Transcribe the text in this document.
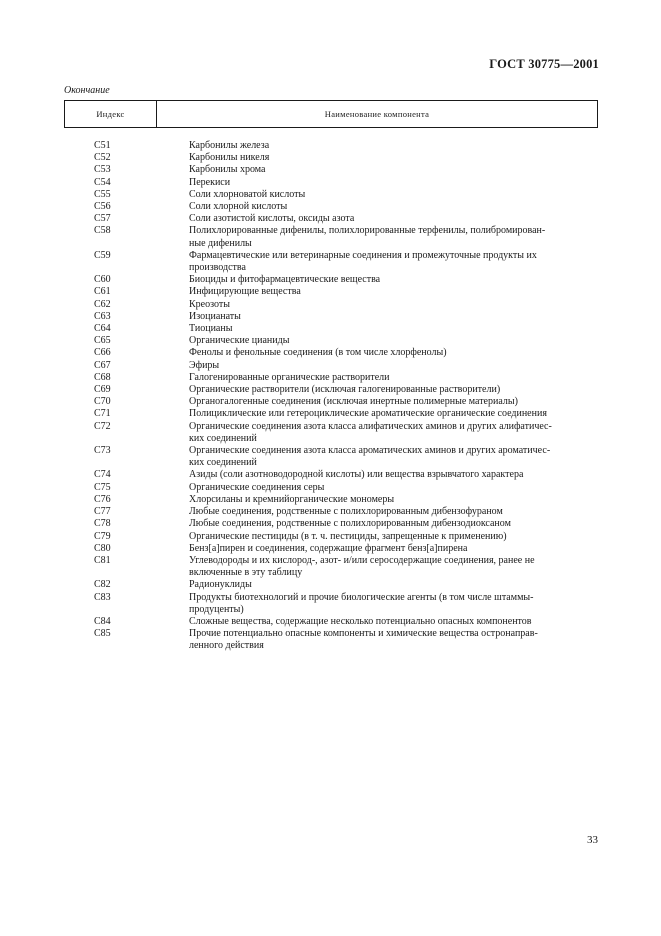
ГОСТ 30775—2001
Окончание
Индекс	Наименование компонента
C51	Карбонилы железа
C52	Карбонилы никеля
C53	Карбонилы хрома
C54	Перекиси
C55	Соли хлорноватой кислоты
C56	Соли хлорной кислоты
C57	Соли азотистой кислоты, оксиды азота
C58	Полихлорированные дифенилы, полихлорированные терфенилы, полибромирован-
ные дифенилы
C59	Фармацевтические или ветеринарные соединения и промежуточные продукты их
производства
C60	Биоциды и фитофармацевтические вещества
C61	Инфицирующие вещества
C62	Креозоты
C63	Изоцианаты
C64	Тиоцианы
C65	Органические цианиды
C66	Фенолы и фенольные соединения (в том числе хлорфенолы)
C67	Эфиры
C68	Галогенированные органические растворители
C69	Органические растворители (исключая галогенированные растворители)
C70	Органогалогенные соединения (исключая инертные полимерные материалы)
C71	Полициклические или гетероциклические ароматические органические соединения
C72	Органические соединения азота класса алифатических аминов и других алифатичес-
ких соединений
C73	Органические соединения азота класса ароматических аминов и других ароматичес-
ких соединений
C74	Азиды (соли азотноводородной кислоты) или вещества взрывчатого характера
C75	Органические соединения серы
C76	Хлорсиланы и кремнийорганические мономеры
C77	Любые соединения, родственные с полихлорированным дибензофураном
C78	Любые соединения, родственные с полихлорированным дибензодиоксаном
C79	Органические пестициды (в т. ч. пестициды, запрещенные к применению)
C80	Бенз[а]пирен и соединения, содержащие фрагмент бенз[а]пирена
C81	Углеводороды и их кислород-, азот- и/или серосодержащие соединения, ранее не
включенные в эту таблицу
C82	Радионуклиды
C83	Продукты биотехнологий и прочие биологические агенты (в том числе штаммы-
продуценты)
C84	Сложные вещества, содержащие несколько потенциально опасных компонентов
C85	Прочие потенциально опасные компоненты и химические вещества остронаправ-
ленного действия
33
